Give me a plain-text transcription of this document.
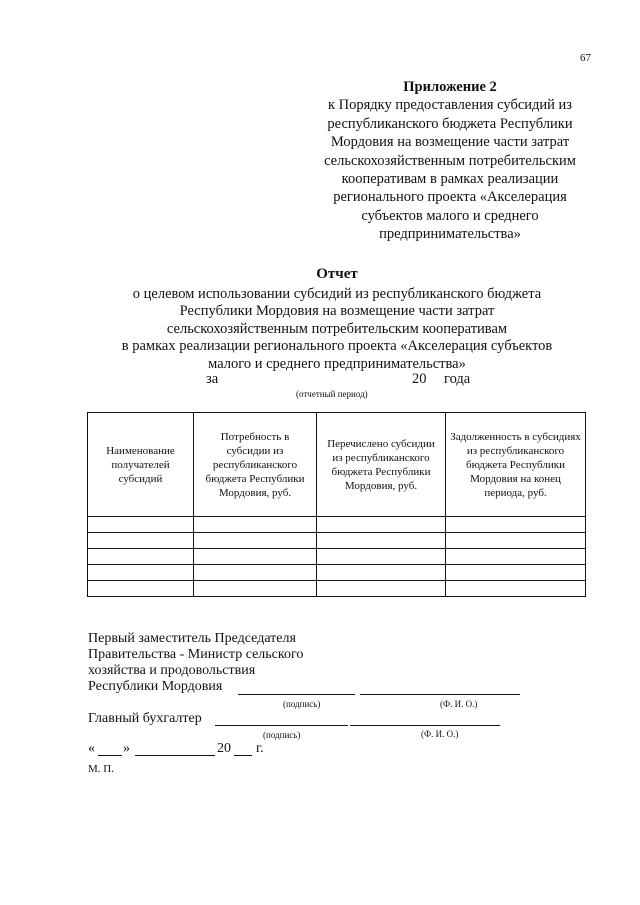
67
Приложение 2
к Порядку предоставления субсидий из
республиканского бюджета Республики
Мордовия на возмещение части затрат
сельскохозяйственным потребительским
кооперативам в рамках реализации
регионального проекта «Акселерация
субъектов малого и среднего
предпринимательства»
Отчет
о целевом использовании субсидий из республиканского бюджета
Республики Мордовия на возмещение части затрат
сельскохозяйственным потребительским кооперативам
в рамках реализации регионального проекта «Акселерация субъектов
малого и среднего предпринимательства»
за	20 года
(отчетный период)
Наименование получателей субсидий	Потребность в субсидии из республиканского бюджета Республики Мордовия, руб.	Перечислено субсидии из республиканского бюджета Республики Мордовия, руб.	Задолженность в субсидиях из республиканского бюджета Республики Мордовия на конец периода, руб.

Первый заместитель Председателя
Правительства - Министр сельского
хозяйства и продовольствия
Республики Мордовия
(подпись)	(Ф. И. О.)
Главный бухгалтер
(подпись)	(Ф. И. О.)
« »	20 г.
М. П.
